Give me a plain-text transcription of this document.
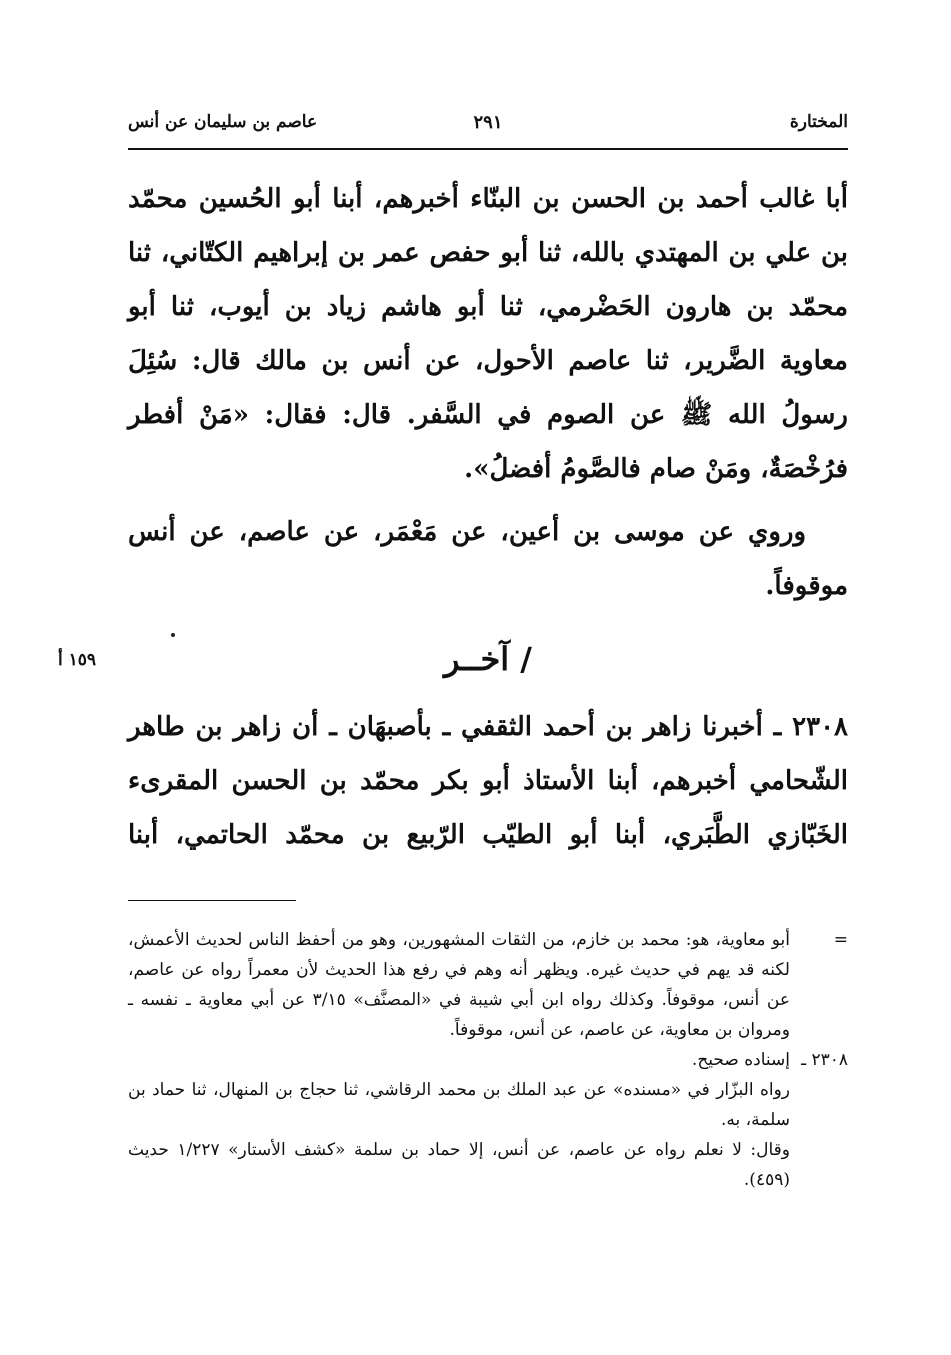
المختارة
٢٩١
عاصم بن سليمان عن أنس
أبا غالب أحمد بن الحسن بن البنّاء أخبرهم، أبنا أبو الحُسين محمّد بن علي بن المهتدي بالله، ثنا أبو حفص عمر بن إبراهيم الكتّاني، ثنا محمّد بن هارون الحَضْرمي، ثنا أبو هاشم زياد بن أيوب، ثنا أبو معاوية الضَّرير، ثنا عاصم الأحول، عن أنس بن مالك قال: سُئِلَ رسولُ الله ﷺ عن الصوم في السَّفر. قال: فقال: «مَنْ أفطر فرُخْصَةٌ، ومَنْ صام فالصَّومُ أفضلُ».
وروي عن موسى بن أعين، عن مَعْمَر، عن عاصم، عن أنس موقوفاً.
/ آخــر
٢٣٠٨ ـ أخبرنا زاهر بن أحمد الثقفي ـ بأصبهَان ـ أن زاهر بن طاهر الشّحامي أخبرهم، أبنا الأستاذ أبو بكر محمّد بن الحسن المقرىء الخَبّازي الطَّبَري، أبنا أبو الطيّب الرّبيع بن محمّد الحاتمي، أبنا
=
أبو معاوية، هو: محمد بن خازم، من الثقات المشهورين، وهو من أحفظ الناس لحديث الأعمش، لكنه قد يهم في حديث غيره. ويظهر أنه وهم في رفع هذا الحديث لأن معمراً رواه عن عاصم، عن أنس، موقوفاً. وكذلك رواه ابن أبي شيبة في «المصنَّف» ٣/١٥ عن أبي معاوية ـ نفسه ـ ومروان بن معاوية، عن عاصم، عن أنس، موقوفاً.
٢٣٠٨ ـ
إسناده صحيح.
رواه البزّار في «مسنده» عن عبد الملك بن محمد الرقاشي، ثنا حجاج بن المنهال، ثنا حماد بن سلمة، به.
وقال: لا نعلم رواه عن عاصم، عن أنس، إلا حماد بن سلمة «كشف الأستار» ١/٢٢٧ حديث (٤٥٩).
١٥٩ أ
